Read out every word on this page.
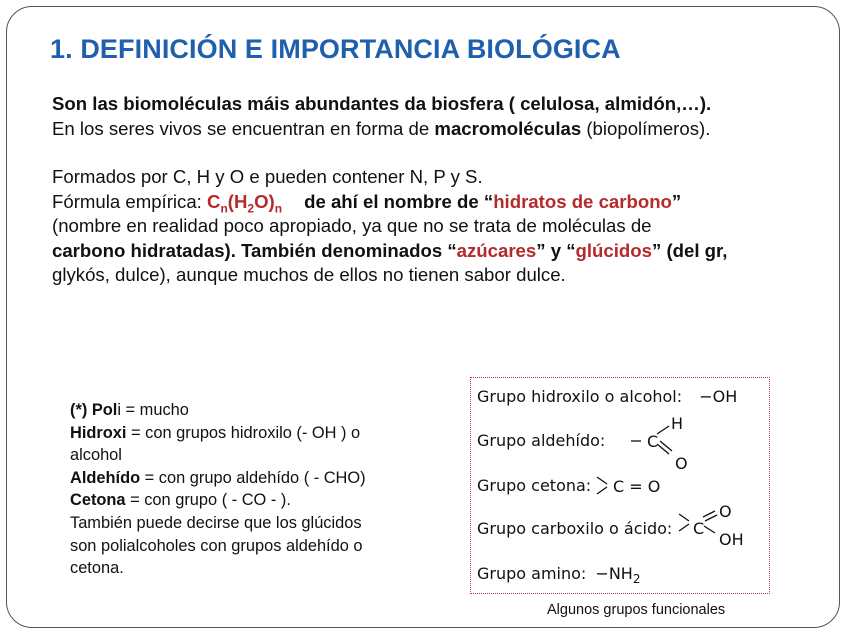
1. DEFINICIÓN E IMPORTANCIA BIOLÓGICA
Son las biomoléculas máis abundantes da biosfera ( celulosa, almidón,…).
En los seres vivos se encuentran en forma de macromoléculas (biopolímeros).
Formados por C, H y O e pueden contener N, P y S.
Fórmula empírica: $C_n(H_2O)_n$ de ahí el nombre de “hidratos de carbono”
(nombre en realidad poco apropiado, ya que no se trata de moléculas de
carbono hidratadas). También denominados “azúcares” y “glúcidos” (del gr,
glykós, dulce), aunque muchos de ellos no tienen sabor dulce.
(*) Poli = mucho
Hidroxi = con grupos hidroxilo (- OH ) o
alcohol
Aldehído = con grupo aldehído ( - CHO)
Cetona = con grupo ( - CO - ).
También puede decirse que los glúcidos
son polialcoholes con grupos aldehído o
cetona.
Grupo hidroxilo o alcohol: −OH
Grupo aldehído:	C
H
O
Grupo cetona: C = O
Grupo carboxilo o ácido: C
O
OH
Grupo amino: $-NH_2$
Algunos grupos funcionales
